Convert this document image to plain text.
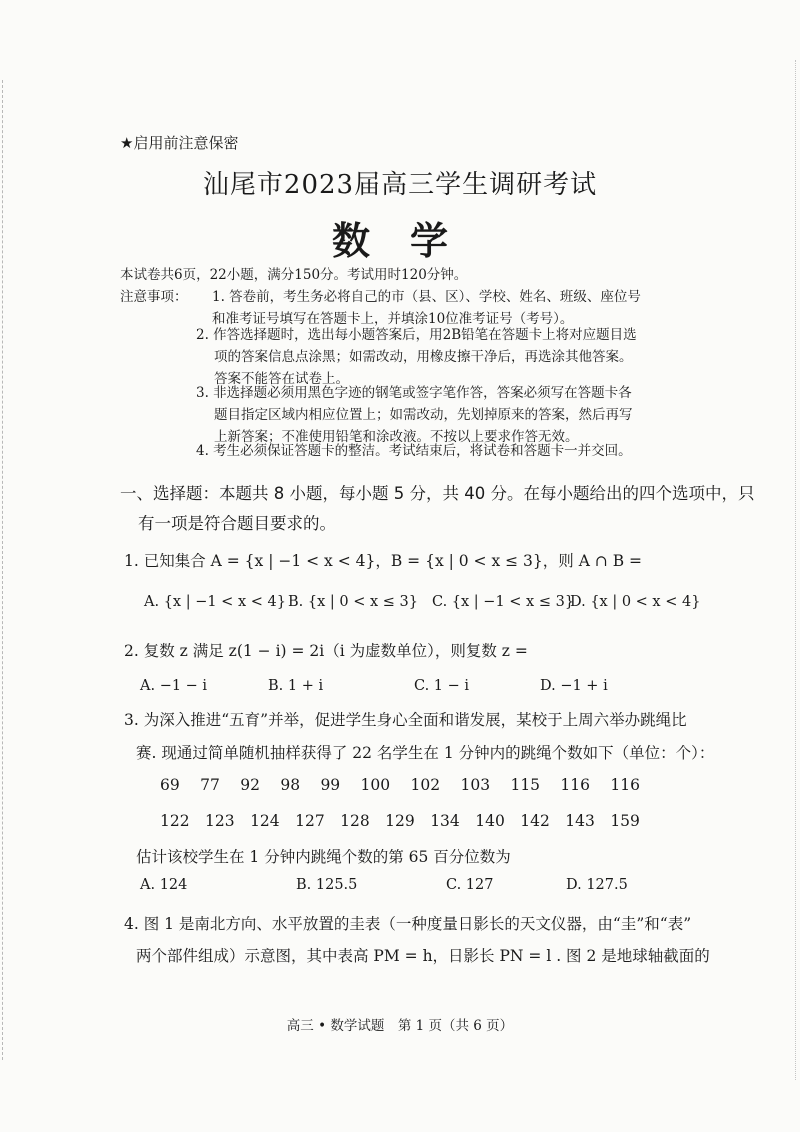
★启用前注意保密
汕尾市2023届高三学生调研考试
数学
本试卷共6页，22小题，满分150分。考试用时120分钟。
注意事项： 1. 答卷前，考生务必将自己的市（县、区）、学校、姓名、班级、座位号
和准考证号填写在答题卡上，并填涂10位准考证号（考号）。
2. 作答选择题时，选出每小题答案后，用2B铅笔在答题卡上将对应题目选
项的答案信息点涂黑；如需改动，用橡皮擦干净后，再选涂其他答案。
答案不能答在试卷上。
3. 非选择题必须用黑色字迹的钢笔或签字笔作答，答案必须写在答题卡各
题目指定区域内相应位置上；如需改动，先划掉原来的答案，然后再写
上新答案；不准使用铅笔和涂改液。不按以上要求作答无效。
4. 考生必须保证答题卡的整洁。考试结束后，将试卷和答题卡一并交回。
一、选择题：本题共 8 小题，每小题 5 分，共 40 分。在每小题给出的四个选项中，只
有一项是符合题目要求的。
1. 已知集合 A = {x | −1 < x < 4}，B = {x | 0 < x ≤ 3}，则 A ∩ B =
A. {x | −1 < x < 4} B. {x | 0 < x ≤ 3} C. {x | −1 < x ≤ 3}
D. {x | 0 < x < 4}
2. 复数 z 满足 z(1 − i) = 2i（i 为虚数单位），则复数 z =
A. −1 − i	B. 1 + i	C. 1 − i	D. −1 + i
3. 为深入推进“五育”并举，促进学生身心全面和谐发展，某校于上周六举办跳绳比
赛. 现通过简单随机抽样获得了 22 名学生在 1 分钟内的跳绳个数如下（单位：个）：
69 77 92 98 99 100 102 103 115 116 116
122 123 124 127 128 129 134 140 142 143 159
估计该校学生在 1 分钟内跳绳个数的第 65 百分位数为
A. 124	B. 125.5	C. 127	D. 127.5
4. 图 1 是南北方向、水平放置的圭表（一种度量日影长的天文仪器，由“圭”和“表”
两个部件组成）示意图，其中表高 PM = h，日影长 PN = l . 图 2 是地球轴截面的
高三 • 数学试题　第 1 页（共 6 页）
